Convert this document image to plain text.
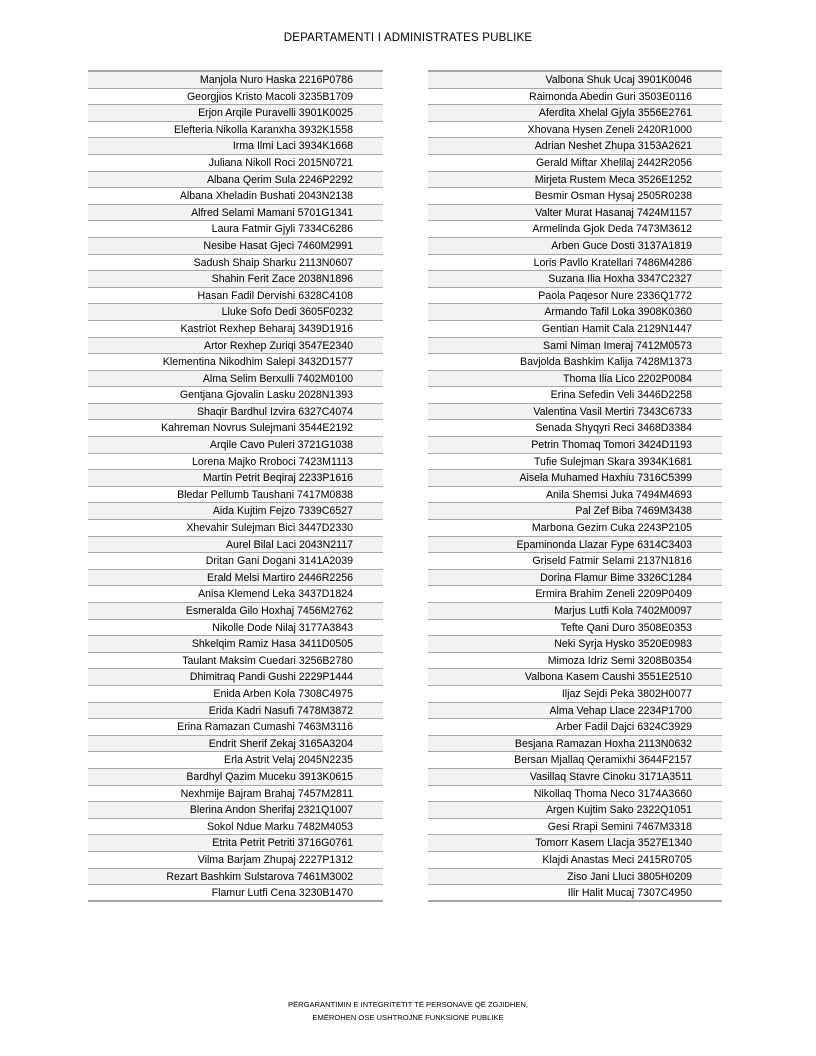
DEPARTAMENTI I ADMINISTRATES PUBLIKE
Manjola Nuro Haska 2216P0786
Georgjios Kristo Macoli 3235B1709
Erjon Arqile Puravelli 3901K0025
Elefteria Nikolla Karanxha 3932K1558
Irma Ilmi Laci 3934K1668
Juliana Nikoll Roci 2015N0721
Albana Qerim Sula 2246P2292
Albana Xheladin Bushati 2043N2138
Alfred Selami Mamani 5701G1341
Laura Fatmir Gjyli 7334C6286
Nesibe Hasat Gjeci 7460M2991
Sadush Shaip Sharku 2113N0607
Shahin Ferit Zace 2038N1896
Hasan Fadil Dervishi 6328C4108
Lluke Sofo Dedi 3605F0232
Kastriot Rexhep Beharaj 3439D1916
Artor Rexhep Zuriqi 3547E2340
Klementina Nikodhim Salepi 3432D1577
Alma Selim Berxulli 7402M0100
Gentjana Gjovalin Lasku 2028N1393
Shaqir Bardhul Izvira 6327C4074
Kahreman Novrus Sulejmani 3544E2192
Arqile Cavo Puleri 3721G1038
Lorena Majko Rroboci 7423M1113
Martin Petrit Beqiraj 2233P1616
Bledar Pellumb Taushani 7417M0838
Aida Kujtim Fejzo 7339C6527
Xhevahir Sulejman Bici 3447D2330
Aurel Bilal Laci 2043N2117
Dritan Gani Dogani 3141A2039
Erald Melsi Martiro 2446R2256
Anisa Klemend Leka 3437D1824
Esmeralda Gilo Hoxhaj 7456M2762
Nikolle Dode Nilaj 3177A3843
Shkelqim Ramiz Hasa 3411D0505
Taulant Maksim Cuedari 3256B2780
Dhimitraq Pandi Gushi 2229P1444
Enida Arben Kola 7308C4975
Erida Kadri Nasufi 7478M3872
Erina Ramazan Cumashi 7463M3116
Endrit Sherif Zekaj 3165A3204
Erla Astrit Velaj 2045N2235
Bardhyl Qazim Muceku 3913K0615
Nexhmije Bajram Brahaj 7457M2811
Blerina Andon Sherifaj 2321Q1007
Sokol Ndue Marku 7482M4053
Etrita Petrit Petriti 3716G0761
Vilma Barjam Zhupaj 2227P1312
Rezart Bashkim Sulstarova 7461M3002
Flamur Lutfi Cena 3230B1470
Valbona Shuk Ucaj 3901K0046
Raimonda Abedin Guri 3503E0116
Aferdita Xhelal Gjyla 3556E2761
Xhovana Hysen Zeneli 2420R1000
Adrian Neshet Zhupa 3153A2621
Gerald Miftar Xhelilaj 2442R2056
Mirjeta Rustem Meca 3526E1252
Besmir Osman Hysaj 2505R0238
Valter Murat Hasanaj 7424M1157
Armelinda Gjok Deda 7473M3612
Arben Guce Dosti 3137A1819
Loris Pavllo Kratellari 7486M4286
Suzana Ilia Hoxha 3347C2327
Paola Paqesor Nure 2336Q1772
Armando Tafil Loka 3908K0360
Gentian Hamit Cala 2129N1447
Sami Niman Imeraj 7412M0573
Bavjolda Bashkim Kalija 7428M1373
Thoma Ilia Lico 2202P0084
Erina Sefedin Veli 3446D2258
Valentina Vasil Mertiri 7343C6733
Senada Shyqyri Reci 3468D3384
Petrin Thomaq Tomori 3424D1193
Tufie Sulejman Skara 3934K1681
Aisela Muhamed Haxhiu 7316C5399
Anila Shemsi Juka 7494M4693
Pal Zef Biba 7469M3438
Marbona Gezim Cuka 2243P2105
Epaminonda Llazar Fype 6314C3403
Griseld Fatmir Selami 2137N1816
Dorina Flamur Bime 3326C1284
Ermira Brahim Zeneli 2209P0409
Marjus Lutfi Kola 7402M0097
Tefte Qani Duro 3508E0353
Neki Syrja Hysko 3520E0983
Mimoza Idriz Semi 3208B0354
Valbona Kasem Caushi 3551E2510
Iljaz Sejdi Peka 3802H0077
Alma Vehap Llace 2234P1700
Arber Fadil Dajci 6324C3929
Besjana Ramazan Hoxha 2113N0632
Bersan Mjallaq Qeramixhi 3644F2157
Vasillaq Stavre Cinoku 3171A3511
Nikollaq Thoma Neco 3174A3660
Argen Kujtim Sako 2322Q1051
Gesi Rrapi Semini 7467M3318
Tomorr Kasem Llacja 3527E1340
Klajdi Anastas Meci 2415R0705
Ziso Jani Lluci 3805H0209
Ilir Halit Mucaj 7307C4950
PËRGARANTIMIN E INTEGRITETIT TË PERSONAVE QË ZGJIDHEN,
EMËROHEN OSE USHTROJNË FUNKSIONE PUBLIKE
